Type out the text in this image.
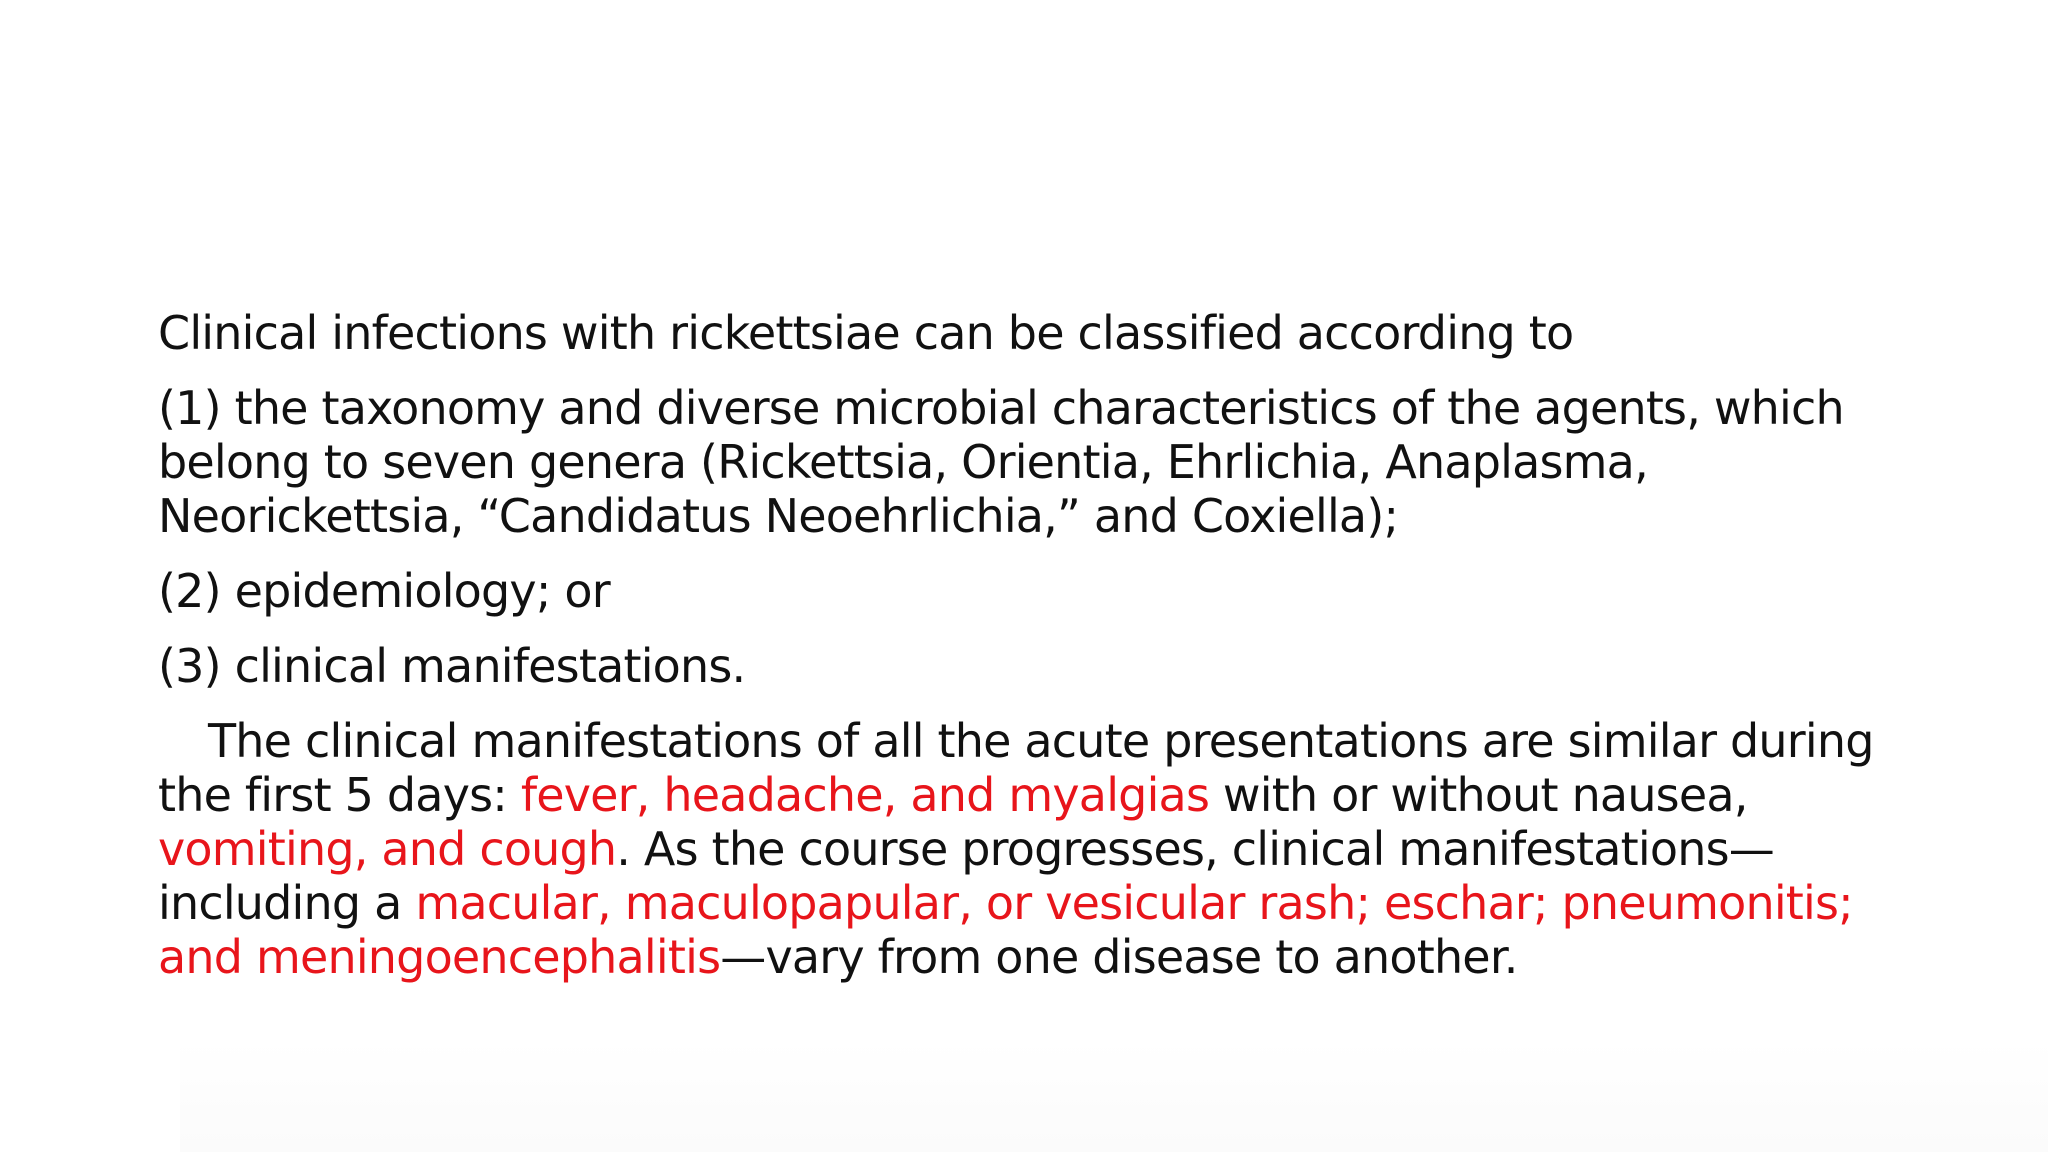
Clinical infections with rickettsiae can be classified according to

(1) the taxonomy and diverse microbial characteristics of the agents, which belong to seven genera (Rickettsia, Orientia, Ehrlichia, Anaplasma, Neorickettsia, “Candidatus Neoehrlichia,” and Coxiella);

(2) epidemiology; or

(3) clinical manifestations.

The clinical manifestations of all the acute presentations are similar during the first 5 days: fever, headache, and myalgias with or without nausea, vomiting, and cough. As the course progresses, clinical manifestations—including a macular, maculopapular, or vesicular rash; eschar; pneumonitis; and meningoencephalitis—vary from one disease to another.
